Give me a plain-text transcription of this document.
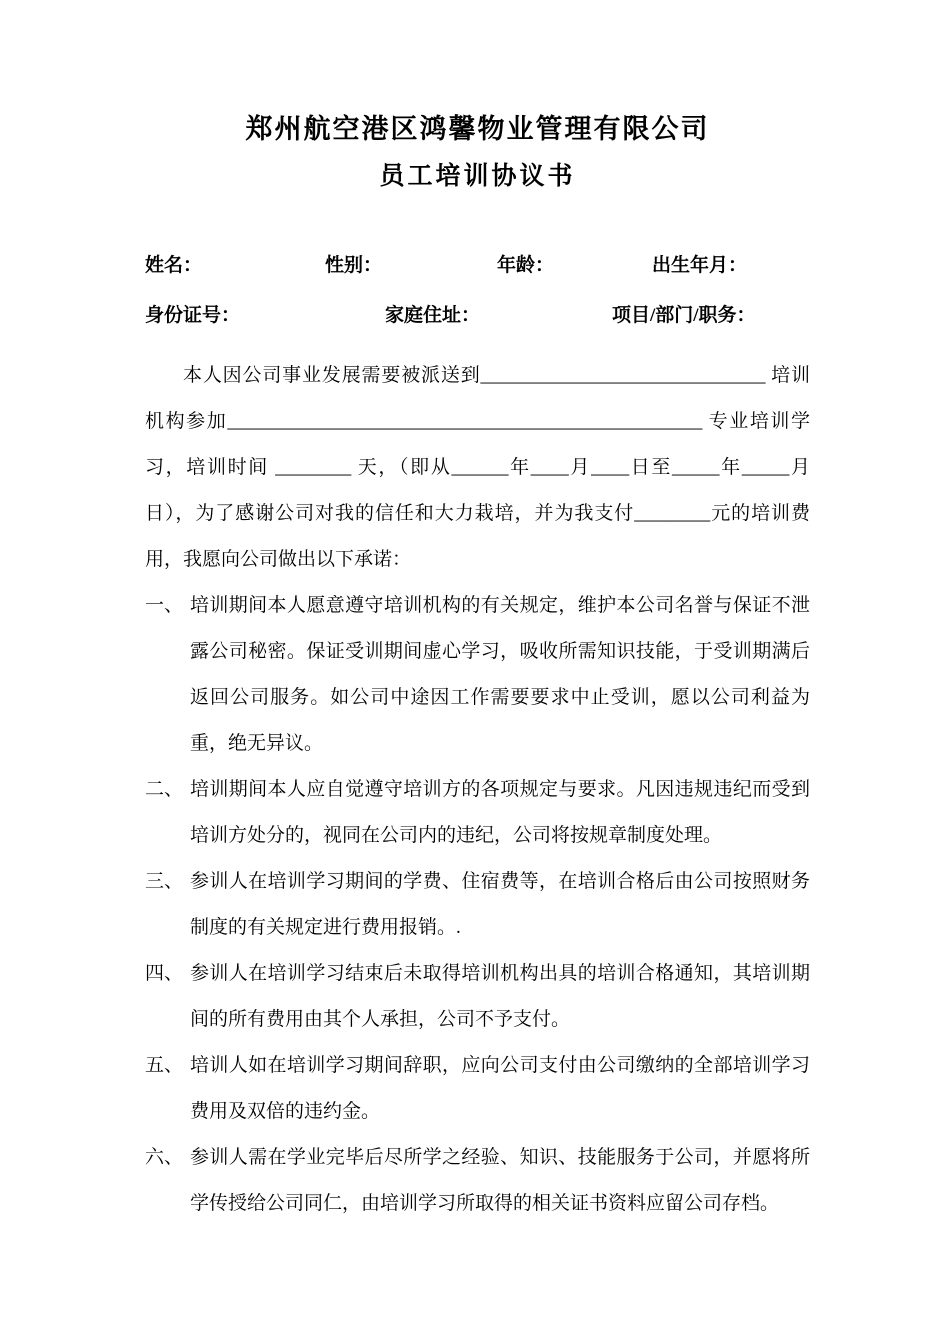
郑州航空港区鸿馨物业管理有限公司
员工培训协议书
姓名：	性别：	年龄：	出生年月：
身份证号：	家庭住址：	项目/部门/职务：

本人因公司事业发展需要被派送到______________________________ 培训机构参加__________________________________________________ 专业培训学习，培训时间 ________ 天，（即从______年____月____日至_____年_____月日），为了感谢公司对我的信任和大力栽培，并为我支付________元的培训费用，我愿向公司做出以下承诺：

一、 培训期间本人愿意遵守培训机构的有关规定，维护本公司名誉与保证不泄露公司秘密。保证受训期间虚心学习，吸收所需知识技能，于受训期满后返回公司服务。如公司中途因工作需要要求中止受训，愿以公司利益为重，绝无异议。
二、 培训期间本人应自觉遵守培训方的各项规定与要求。凡因违规违纪而受到培训方处分的，视同在公司内的违纪，公司将按规章制度处理。
三、 参训人在培训学习期间的学费、住宿费等，在培训合格后由公司按照财务制度的有关规定进行费用报销。.
四、 参训人在培训学习结束后未取得培训机构出具的培训合格通知，其培训期间的所有费用由其个人承担，公司不予支付。
五、 培训人如在培训学习期间辞职，应向公司支付由公司缴纳的全部培训学习费用及双倍的违约金。
六、 参训人需在学业完毕后尽所学之经验、知识、技能服务于公司，并愿将所学传授给公司同仁，由培训学习所取得的相关证书资料应留公司存档。
